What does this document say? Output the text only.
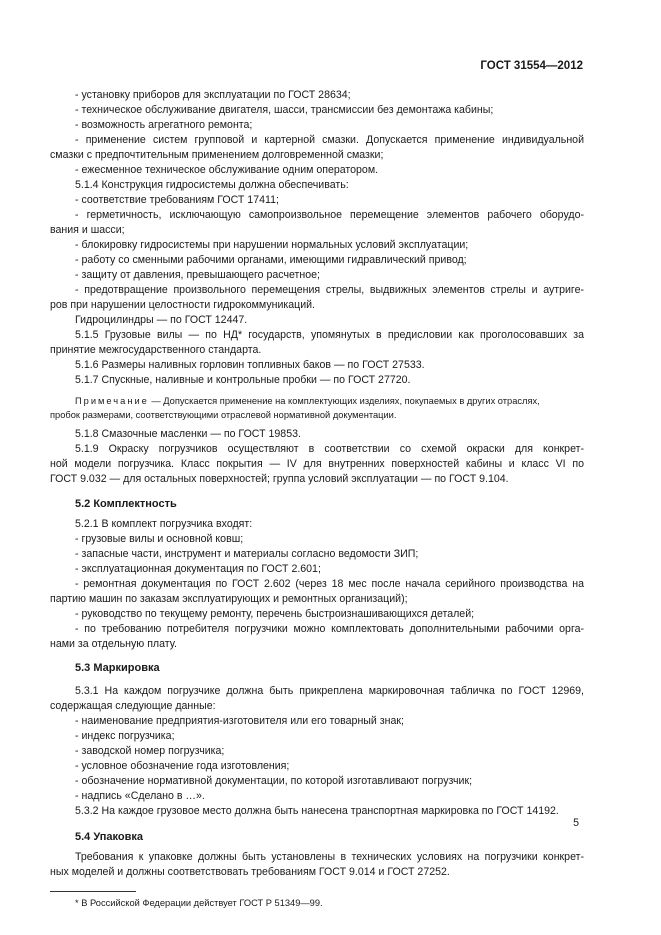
ГОСТ 31554—2012
- установку приборов для эксплуатации по ГОСТ 28634;
- техническое обслуживание двигателя, шасси, трансмиссии без демонтажа кабины;
- возможность агрегатного ремонта;
- применение систем групповой и картерной смазки. Допускается применение индивидуальной
смазки с предпочтительным применением долговременной смазки;
- ежесменное техническое обслуживание одним оператором.
5.1.4 Конструкция гидросистемы должна обеспечивать:
- соответствие требованиям ГОСТ 17411;
- герметичность, исключающую самопроизвольное перемещение элементов рабочего оборудо-
вания и шасси;
- блокировку гидросистемы при нарушении нормальных условий эксплуатации;
- работу со сменными рабочими органами, имеющими гидравлический привод;
- защиту от давления, превышающего расчетное;
- предотвращение произвольного перемещения стрелы, выдвижных элементов стрелы и аутриге-
ров при нарушении целостности гидрокоммуникаций.
Гидроцилиндры — по ГОСТ 12447.
5.1.5 Грузовые вилы — по НД* государств, упомянутых в предисловии как проголосовавших за
принятие межгосударственного стандарта.
5.1.6 Размеры наливных горловин топливных баков — по ГОСТ 27533.
5.1.7 Спускные, наливные и контрольные пробки — по ГОСТ 27720.
Примечание — Допускается применение на комплектующих изделиях, покупаемых в других отраслях,
пробок размерами, соответствующими отраслевой нормативной документации.
5.1.8 Смазочные масленки — по ГОСТ 19853.
5.1.9 Окраску погрузчиков осуществляют в соответствии со схемой окраски для конкрет-
ной модели погрузчика. Класс покрытия — IV для внутренних поверхностей кабины и класс VI по
ГОСТ 9.032 — для остальных поверхностей; группа условий эксплуатации — по ГОСТ 9.104.
5.2 Комплектность
5.2.1 В комплект погрузчика входят:
- грузовые вилы и основной ковш;
- запасные части, инструмент и материалы согласно ведомости ЗИП;
- эксплуатационная документация по ГОСТ 2.601;
- ремонтная документация по ГОСТ 2.602 (через 18 мес после начала серийного производства на
партию машин по заказам эксплуатирующих и ремонтных организаций);
- руководство по текущему ремонту, перечень быстроизнашивающихся деталей;
- по требованию потребителя погрузчики можно комплектовать дополнительными рабочими орга-
нами за отдельную плату.
5.3 Маркировка
5.3.1 На каждом погрузчике должна быть прикреплена маркировочная табличка по ГОСТ 12969,
содержащая следующие данные:
- наименование предприятия-изготовителя или его товарный знак;
- индекс погрузчика;
- заводской номер погрузчика;
- условное обозначение года изготовления;
- обозначение нормативной документации, по которой изготавливают погрузчик;
- надпись «Сделано в …».
5.3.2 На каждое грузовое место должна быть нанесена транспортная маркировка по ГОСТ 14192.
5.4 Упаковка
Требования к упаковке должны быть установлены в технических условиях на погрузчики конкрет-
ных моделей и должны соответствовать требованиям ГОСТ 9.014 и ГОСТ 27252.
* В Российской Федерации действует ГОСТ Р 51349—99.
5
